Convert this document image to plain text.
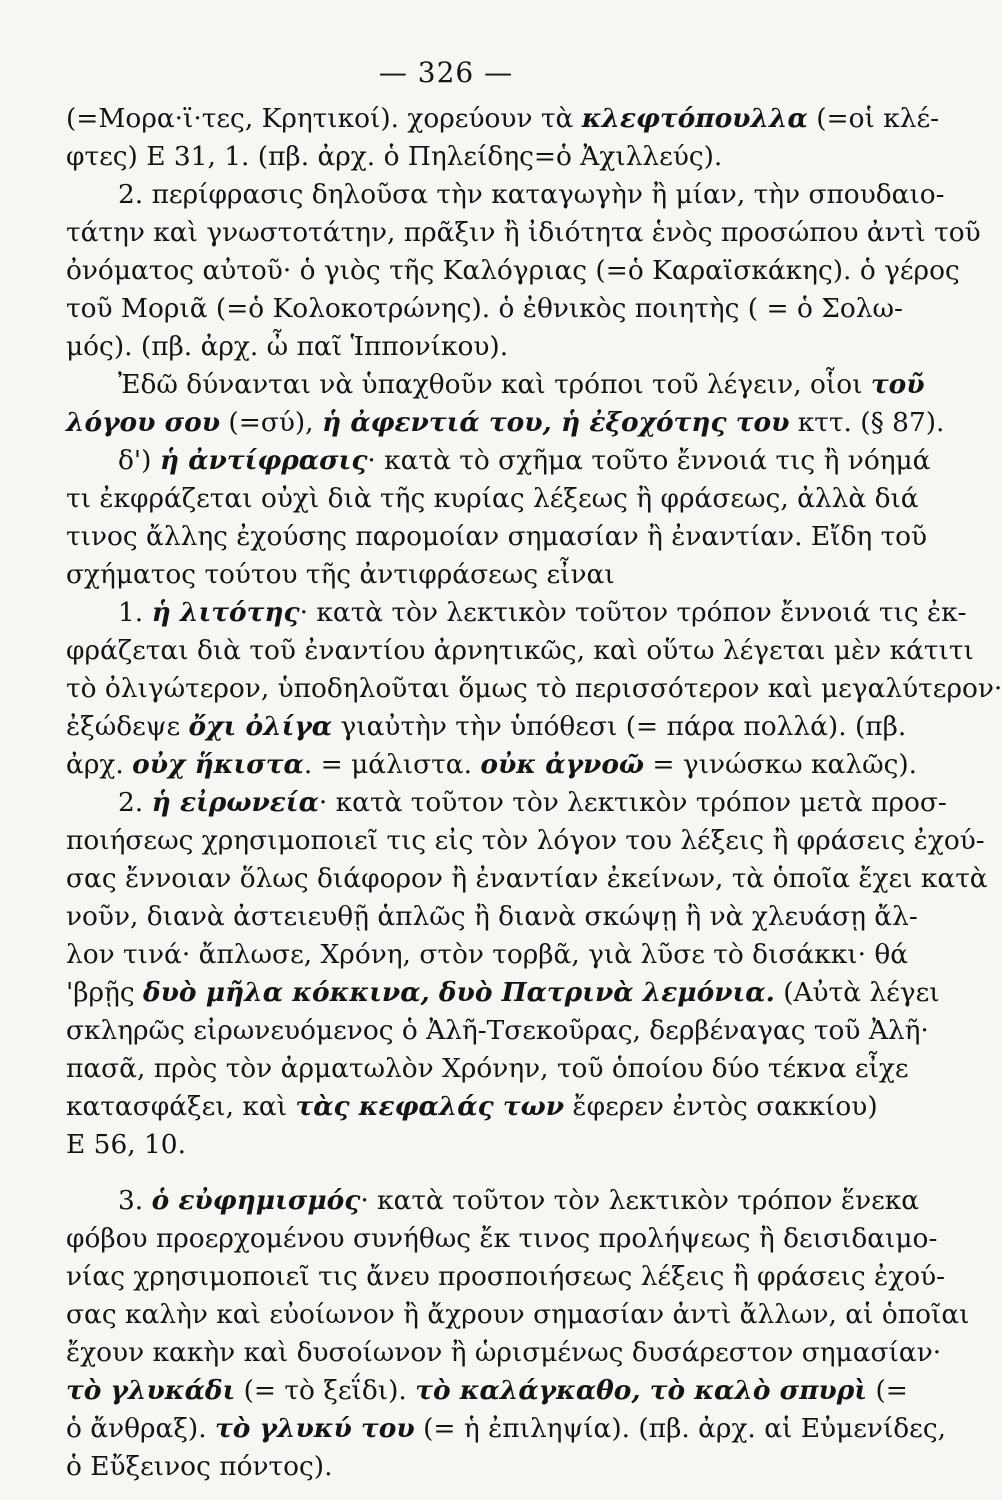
— 326 —
(=Μορα·ϊ·τες, Κρητικοί). χορεύουν τὰ κλεφτόπουλλα (=οἱ κλέ-
φτες) Ε 31, 1. (πβ. ἀρχ. ὁ Πηλείδης=ὁ Ἀχιλλεύς).
2. περίφρασις δηλοῦσα τὴν καταγωγὴν ἢ μίαν, τὴν σπουδαιο-
τάτην καὶ γνωστοτάτην, πρᾶξιν ἢ ἰδιότητα ἑνὸς προσώπου ἀντὶ τοῦ
ὀνόματος αὐτοῦ· ὁ γιὸς τῆς Καλόγριας (=ὁ Καραϊσκάκης). ὁ γέρος
τοῦ Μοριᾶ (=ὁ Κολοκοτρώνης). ὁ ἐθνικὸς ποιητὴς ( = ὁ Σολω-
μός). (πβ. ἀρχ. ὦ παῖ Ἱππονίκου).
Ἐδῶ δύνανται νὰ ὑπαχθοῦν καὶ τρόποι τοῦ λέγειν, οἷοι τοῦ
λόγου σου (=σύ), ἡ ἀφεντιά του, ἡ ἐξοχότης του κττ. (§ 87).
δ') ἡ ἀντίφρασις· κατὰ τὸ σχῆμα τοῦτο ἔννοιά τις ἢ νόημά
τι ἐκφράζεται οὐχὶ διὰ τῆς κυρίας λέξεως ἢ φράσεως, ἀλλὰ διά
τινος ἄλλης ἐχούσης παρομοίαν σημασίαν ἢ ἐναντίαν. Εἴδη τοῦ
σχήματος τούτου τῆς ἀντιφράσεως εἶναι
1. ἡ λιτότης· κατὰ τὸν λεκτικὸν τοῦτον τρόπον ἔννοιά τις ἐκ-
φράζεται διὰ τοῦ ἐναντίου ἀρνητικῶς, καὶ οὕτω λέγεται μὲν κάτιτι
τὸ ὀλιγώτερον, ὑποδηλοῦται ὅμως τὸ περισσότερον καὶ μεγαλύτερον·
ἐξώδεψε ὄχι ὀλίγα γιαὐτὴν τὴν ὑπόθεσι (= πάρα πολλά). (πβ.
ἀρχ. οὐχ ἥκιστα. = μάλιστα. οὐκ ἀγνοῶ = γινώσκω καλῶς).
2. ἡ εἰρωνεία· κατὰ τοῦτον τὸν λεκτικὸν τρόπον μετὰ προσ-
ποιήσεως χρησιμοποιεῖ τις εἰς τὸν λόγον του λέξεις ἢ φράσεις ἐχού-
σας ἔννοιαν ὅλως διάφορον ἢ ἐναντίαν ἐκείνων, τὰ ὁποῖα ἔχει κατὰ
νοῦν, διανὰ ἀστειευθῇ ἁπλῶς ἢ διανὰ σκώψῃ ἢ νὰ χλευάσῃ ἄλ-
λον τινά· ἄπλωσε, Χρόνη, στὸν τορβᾶ, γιὰ λῦσε τὸ δισάκκι· θά
'βρῇς δυὸ μῆλα κόκκινα, δυὸ Πατρινὰ λεμόνια. (Αὐτὰ λέγει
σκληρῶς εἰρωνευόμενος ὁ Ἀλῆ-Τσεκοῦρας, δερβέναγας τοῦ Ἀλῆ·
πασᾶ, πρὸς τὸν ἀρματωλὸν Χρόνην, τοῦ ὁποίου δύο τέκνα εἶχε
κατασφάξει, καὶ τὰς κεφαλάς των ἔφερεν ἐντὸς σακκίου)
Ε 56, 10.
3. ὁ εὐφημισμός· κατὰ τοῦτον τὸν λεκτικὸν τρόπον ἕνεκα
φόβου προερχομένου συνήθως ἔκ τινος προλήψεως ἢ δεισιδαιμο-
νίας χρησιμοποιεῖ τις ἄνευ προσποιήσεως λέξεις ἢ φράσεις ἐχού-
σας καλὴν καὶ εὐοίωνον ἢ ἄχρουν σημασίαν ἀντὶ ἄλλων, αἱ ὁποῖαι
ἔχουν κακὴν καὶ δυσοίωνον ἢ ὡρισμένως δυσάρεστον σημασίαν·
τὸ γλυκάδι (= τὸ ξεΐδι). τὸ καλάγκαθο, τὸ καλὸ σπυρὶ (=
ὁ ἄνθραξ). τὸ γλυκύ του (= ἡ ἐπιληψία). (πβ. ἀρχ. αἱ Εὐμενίδες,
ὁ Εὔξεινος πόντος).
